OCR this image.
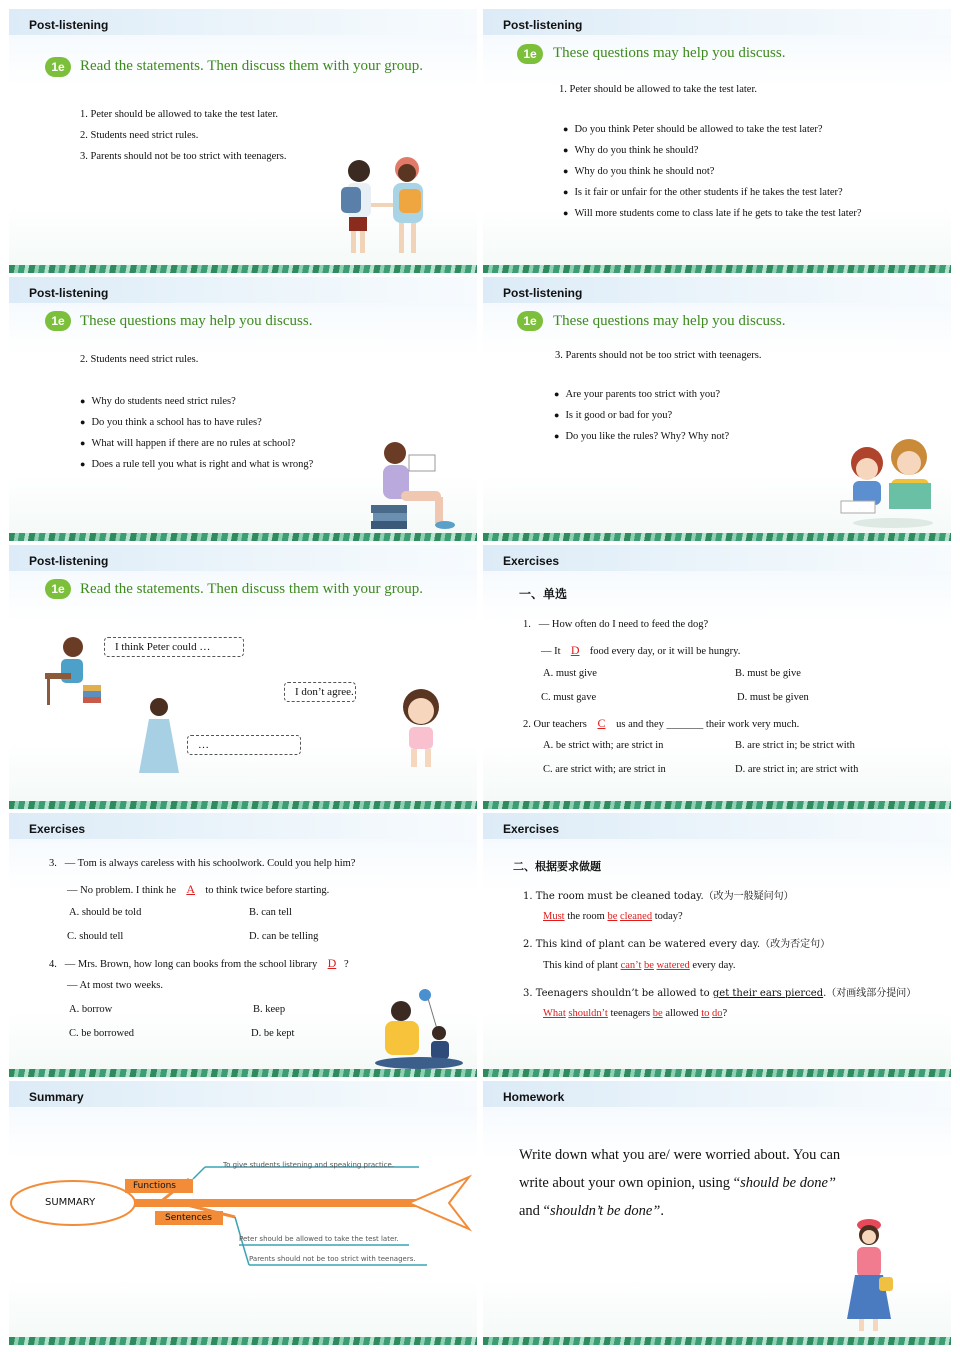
Post-listening
1e	Read the statements. Then discuss them with your group.
1. Peter should be allowed to take the test later.
2. Students need strict rules.
3. Parents should not be too strict with teenagers.
Post-listening
1e	These questions may help you discuss.
1. Peter should be allowed to take the test later.
● Do you think Peter should be allowed to take the test later?
● Why do you think he should?
● Why do you think he should not?
● Is it fair or unfair for the other students if he takes the test later?
● Will more students come to class late if he gets to take the test later?
Post-listening
1e	These questions may help you discuss.
2. Students need strict rules.
● Why do students need strict rules?
● Do you think a school has to have rules?
● What will happen if there are no rules at school?
● Does a rule tell you what is right and what is wrong?
Post-listening
1e	These questions may help you discuss.
3. Parents should not be too strict with teenagers.
● Are your parents too strict with you?
● Is it good or bad for you?
● Do you like the rules? Why? Why not?
Post-listening
1e	Read the statements. Then discuss them with your group.
I think Peter could …
I don’t agree.
…
Exercises
一、单选
1. — How often do I need to feed the dog?
— It D food every day, or it will be hungry.
A. must give	B. must be give
C. must gave	D. must be given
2. Our teachers C us and they _______ their work very much.
A. be strict with; are strict in	B. are strict in; be strict with
C. are strict with; are strict in	D. are strict in; are strict with
Exercises
3. — Tom is always careless with his schoolwork. Could you help him?
— No problem. I think he A to think twice before starting.
A. should be told	B. can tell
C. should tell	D. can be telling
4. — Mrs. Brown, how long can books from the school library D ?
— At most two weeks.
A. borrow	B. keep
C. be borrowed	D. be kept
Exercises
二、根据要求做题
1. The room must be cleaned today.（改为一般疑问句）
Must the room be cleaned today?
2. This kind of plant can be watered every day.（改为否定句）
This kind of plant can’t be watered every day.
3. Teenagers shouldn’t be allowed to get their ears pierced.（对画线部分提问）
What shouldn’t teenagers be allowed to do?
Summary
SUMMARY
Functions
To give students listening and speaking practice.
Sentences
Peter should be allowed to take the test later.
Parents should not be too strict with teenagers.
Homework
Write down what you are/ were worried about. You can
write about your own opinion, using “should be done”
and “shouldn’t be done”.
